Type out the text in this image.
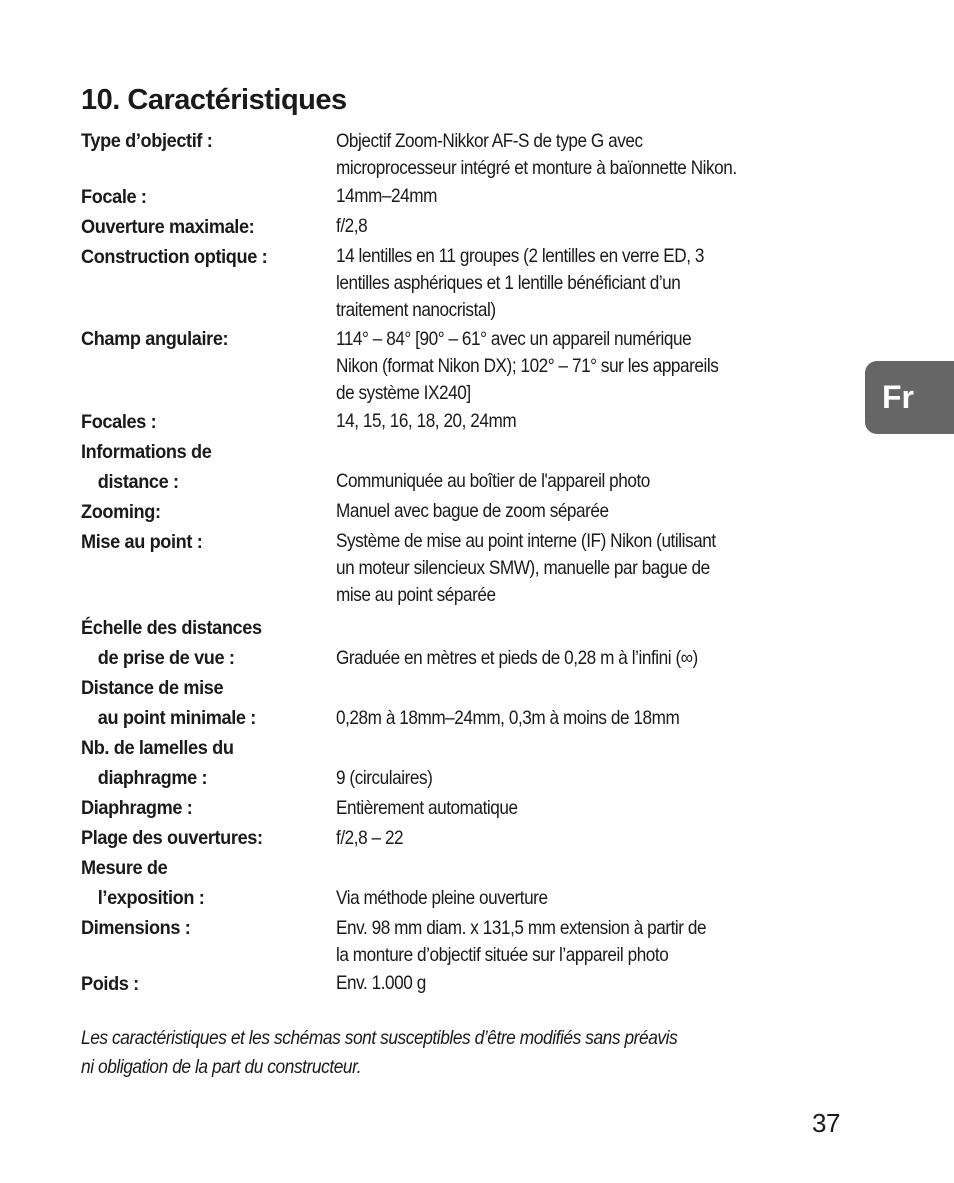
10. Caractéristiques
Type d’objectif :	Objectif Zoom-Nikkor AF-S de type G avec
microprocesseur intégré et monture à baïonnette Nikon.
Focale :	14mm–24mm
Ouverture maximale:	f/2,8
Construction optique :	14 lentilles en 11 groupes (2 lentilles en verre ED, 3
lentilles asphériques et 1 lentille bénéficiant d’un
traitement nanocristal)
Champ angulaire:	114° – 84° [90° – 61° avec un appareil numérique
Nikon (format Nikon DX); 102° – 71° sur les appareils
de système IX240]
Focales :	14, 15, 16, 18, 20, 24mm
Informations de
distance :	Communiquée au boîtier de l'appareil photo
Zooming:	Manuel avec bague de zoom séparée
Mise au point :	Système de mise au point interne (IF) Nikon (utilisant
un moteur silencieux SMW), manuelle par bague de
mise au point séparée
Échelle des distances
de prise de vue :	Graduée en mètres et pieds de 0,28 m à l’infini (∞)
Distance de mise
au point minimale :	0,28m à 18mm–24mm, 0,3m à moins de 18mm
Nb. de lamelles du
diaphragme :	9 (circulaires)
Diaphragme :	Entièrement automatique
Plage des ouvertures:	f/2,8 – 22
Mesure de
l’exposition :	Via méthode pleine ouverture
Dimensions :	Env. 98 mm diam. x 131,5 mm extension à partir de
la monture d’objectif située sur l’appareil photo
Poids :	Env. 1.000 g
Les caractéristiques et les schémas sont susceptibles d’être modifiés sans préavis
ni obligation de la part du constructeur.
Fr
37
